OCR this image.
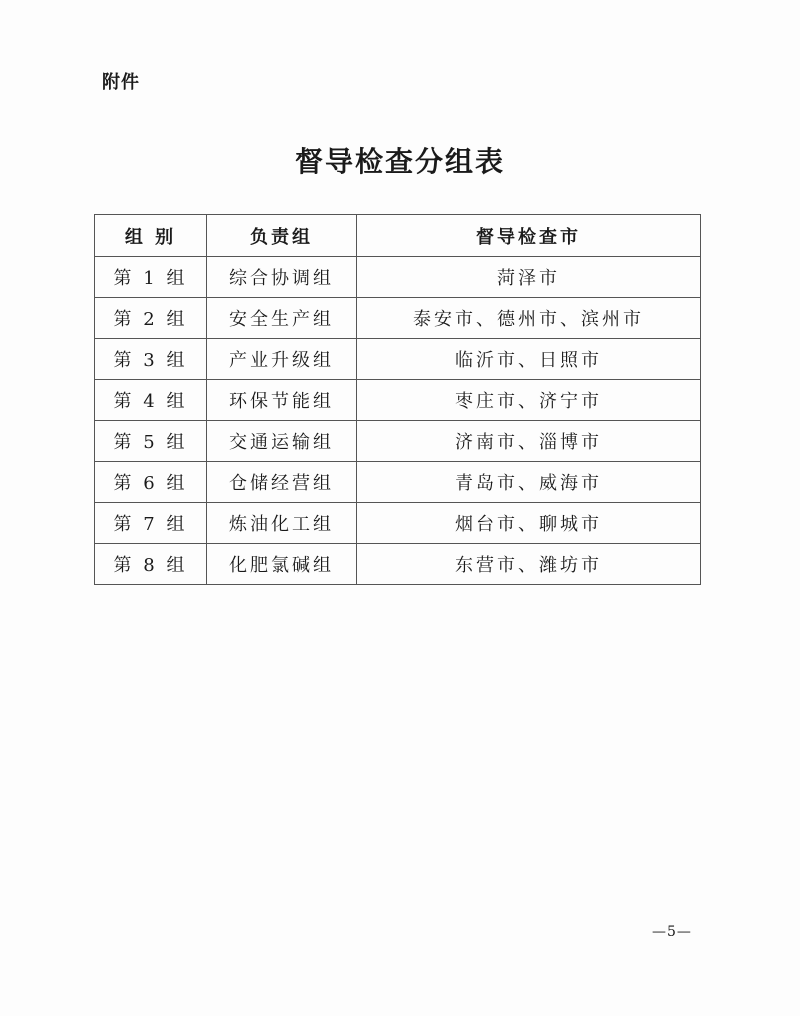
附件
督导检查分组表
组 别	负责组	督导检查市
第 1 组	综合协调组	菏泽市
第 2 组	安全生产组	泰安市、德州市、滨州市
第 3 组	产业升级组	临沂市、日照市
第 4 组	环保节能组	枣庄市、济宁市
第 5 组	交通运输组	济南市、淄博市
第 6 组	仓储经营组	青岛市、威海市
第 7 组	炼油化工组	烟台市、聊城市
第 8 组	化肥氯碱组	东营市、潍坊市
—5—
